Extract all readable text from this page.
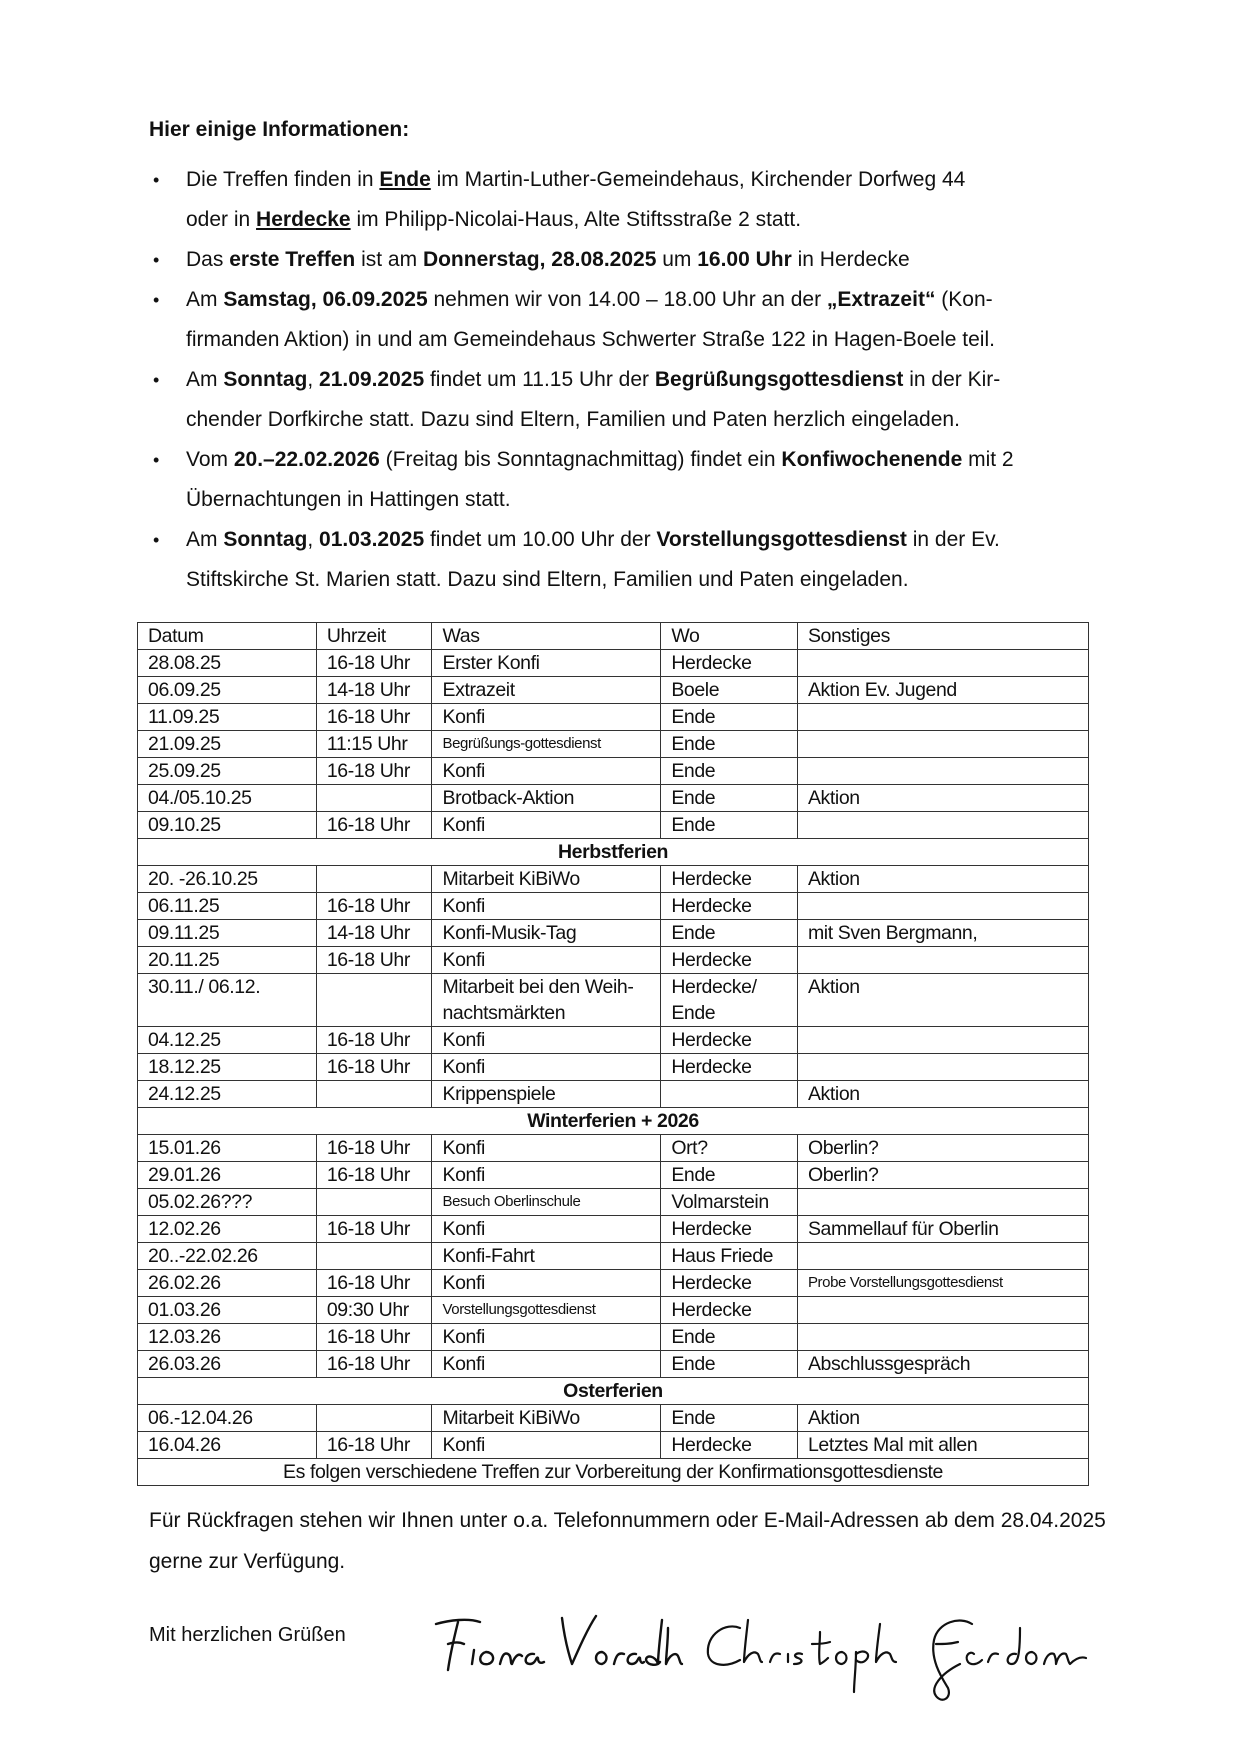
Hier einige Informationen:

• Die Treffen finden in Ende im Martin-Luther-Gemeindehaus, Kirchender Dorfweg 44
oder in Herdecke im Philipp-Nicolai-Haus, Alte Stiftsstraße 2 statt.
• Das erste Treffen ist am Donnerstag, 28.08.2025 um 16.00 Uhr in Herdecke
• Am Samstag, 06.09.2025 nehmen wir von 14.00 – 18.00 Uhr an der „Extrazeit“ (Kon-
firmanden Aktion) in und am Gemeindehaus Schwerter Straße 122 in Hagen-Boele teil.
• Am Sonntag, 21.09.2025 findet um 11.15 Uhr der Begrüßungsgottesdienst in der Kir-
chender Dorfkirche statt. Dazu sind Eltern, Familien und Paten herzlich eingeladen.
• Vom 20.–22.02.2026 (Freitag bis Sonntagnachmittag) findet ein Konfiwochenende mit 2
Übernachtungen in Hattingen statt.
• Am Sonntag, 01.03.2025 findet um 10.00 Uhr der Vorstellungsgottesdienst in der Ev.
Stiftskirche St. Marien statt. Dazu sind Eltern, Familien und Paten eingeladen.
Datum	Uhrzeit	Was	Wo	Sonstiges
28.08.25	16-18 Uhr	Erster Konfi	Herdecke	
06.09.25	14-18 Uhr	Extrazeit	Boele	Aktion Ev. Jugend
11.09.25	16-18 Uhr	Konfi	Ende	
21.09.25	11:15 Uhr	Begrüßungs-gottesdienst	Ende	
25.09.25	16-18 Uhr	Konfi	Ende	
04./05.10.25		Brotback-Aktion	Ende	Aktion
09.10.25	16-18 Uhr	Konfi	Ende	
Herbstferien				
20. -26.10.25		Mitarbeit KiBiWo	Herdecke	Aktion
06.11.25	16-18 Uhr	Konfi	Herdecke	
09.11.25	14-18 Uhr	Konfi-Musik-Tag	Ende	mit Sven Bergmann,
20.11.25	16-18 Uhr	Konfi	Herdecke	
30.11./ 06.12.		Mitarbeit bei den Weih-nachtsmärkten	Herdecke/ Ende	Aktion
04.12.25	16-18 Uhr	Konfi	Herdecke	
18.12.25	16-18 Uhr	Konfi	Herdecke	
24.12.25		Krippenspiele		Aktion
Winterferien + 2026				
15.01.26	16-18 Uhr	Konfi	Ort?	Oberlin?
29.01.26	16-18 Uhr	Konfi	Ende	Oberlin?
05.02.26???		Besuch Oberlinschule	Volmarstein	
12.02.26	16-18 Uhr	Konfi	Herdecke	Sammellauf für Oberlin
20..-22.02.26		Konfi-Fahrt	Haus Friede	
26.02.26	16-18 Uhr	Konfi	Herdecke	Probe Vorstellungsgottesdienst
01.03.26	09:30 Uhr	Vorstellungsgottesdienst	Herdecke	
12.03.26	16-18 Uhr	Konfi	Ende	
26.03.26	16-18 Uhr	Konfi	Ende	Abschlussgespräch
Osterferien				
06.-12.04.26		Mitarbeit KiBiWo	Ende	Aktion
16.04.26	16-18 Uhr	Konfi	Herdecke	Letztes Mal mit allen
Es folgen verschiedene Treffen zur Vorbereitung der Konfirmationsgottesdienste				

Für Rückfragen stehen wir Ihnen unter o.a. Telefonnummern oder E-Mail-Adressen ab dem 28.04.2025 gerne zur Verfügung.

Mit herzlichen Grüßen
